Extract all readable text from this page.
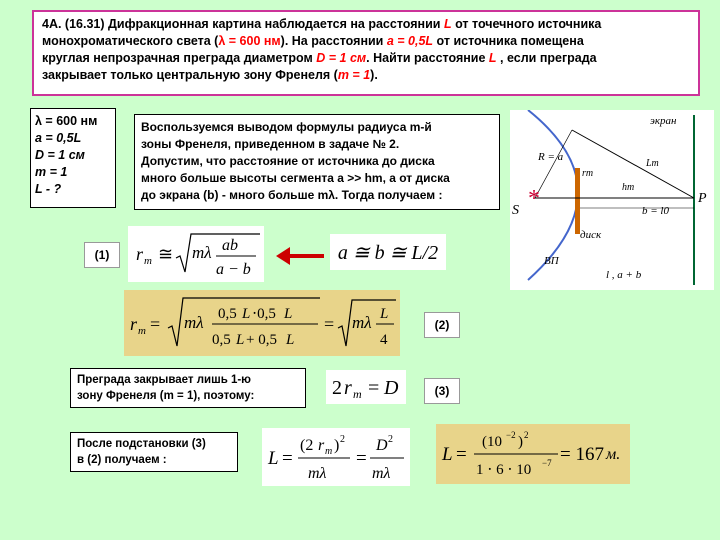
4А. (16.31) Дифракционная картина наблюдается на расстоянии L от точечного источника
монохроматического света (λ = 600 нм). На расстоянии a = 0,5L от источника помещена
круглая непрозрачная преграда диаметром D = 1 см. Найти расстояние L , если преграда
закрывает только центральную зону Френеля (m = 1).
λ = 600 нм
a = 0,5L
D = 1 см
m = 1
L - ?
Воспользуемся выводом формулы радиуса m-й
зоны Френеля, приведенном в задаче № 2.
Допустим, что расстояние от источника до диска
много больше высоты сегмента a >> hm, а от диска
до экрана (b) - много больше mλ. Тогда получаем :	*
S
P
экран
R = a
rm
hm
Lm
b = l0
диск
ВП
l , a + b
(1) r m ≅ mλ ab
a − b
a ≅ b ≅ L/2
r m = mλ 0,5 L ⋅0,5 L
0,5 L + 0,5 L
= mλ L
4
(2)
Преграда закрывает лишь 1-ю
зону Френеля (m = 1), поэтому:	2 r m = D	(3)
После подстановки (3)
в (2) получаем :	L =
(2 r m ) 2
mλ
=
D 2
mλ
L =
(10 −2 ) 2
1 ⋅ 6 ⋅ 10 −7 = 167 м.
